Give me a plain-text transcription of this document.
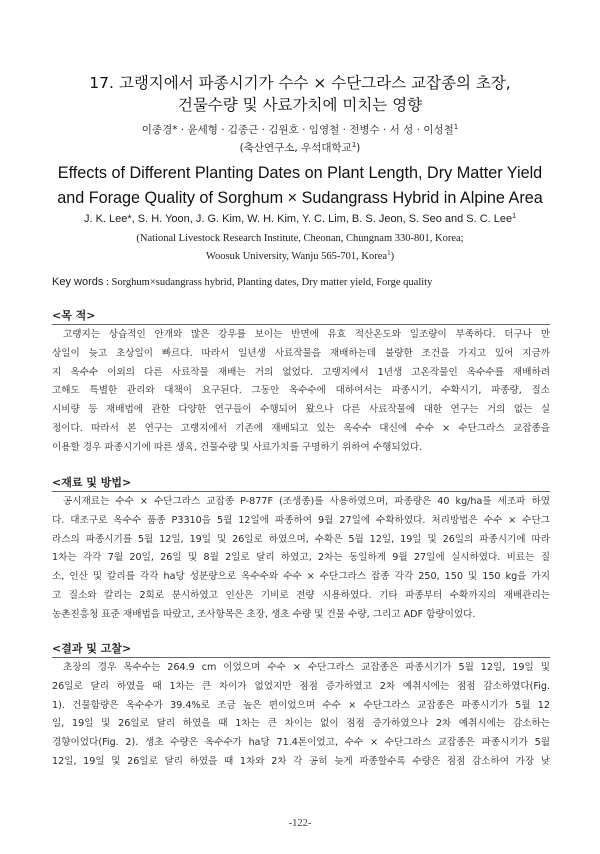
17. 고랭지에서 파종시기가 수수 × 수단그라스 교잡종의 초장,
건물수량 및 사료가치에 미치는 영향
이종경* · 윤세형 · 김종근 · 김원호 · 임영철 · 전병수 · 서 성 · 이성철$^1$
(축산연구소, 우석대학교$^1$)
Effects of Different Planting Dates on Plant Length, Dry Matter Yield
and Forage Quality of Sorghum × Sudangrass Hybrid in Alpine Area
J. K. Lee*, S. H. Yoon, J. G. Kim, W. H. Kim, Y. C. Lim, B. S. Jeon, S. Seo and S. C. Lee$^1$
(National Livestock Research Institute, Cheonan, Chungnam 330-801, Korea;
Woosuk University, Wanju 565-701, Korea$^1$)
Key words : Sorghum×sudangrass hybrid, Planting dates, Dry matter yield, Forge quality
<목 적>
고랭지는 상습적인 안개와 많은 강우를 보이는 반면에 유효 적산온도와 일조량이 부족하다. 더구나 만
상일이 늦고 초상일이 빠르다. 따라서 일년생 사료작물을 재배하는데 불량한 조건을 가지고 있어 지금까
지 옥수수 이외의 다른 사료작물 재배는 거의 없었다. 고랭지에서 1년생 고온작물인 옥수수를 재배하려
고해도 특별한 관리와 대책이 요구된다. 그동안 옥수수에 대하여서는 파종시기, 수확시기, 파종량, 질소
시비량 등 재배법에 관한 다양한 연구들이 수행되어 왔으나 다른 사료작물에 대한 연구는 거의 없는 실
정이다. 따라서 본 연구는 고랭지에서 기존에 재배되고 있는 옥수수 대신에 수수 × 수단그라스 교잡종을
이용할 경우 파종시기에 따른 생육, 건물수량 및 사료가치를 구명하기 위하여 수행되었다.
<재료 및 방법>
공시재료는 수수 × 수단그라스 교잡종 P-877F (조생종)를 사용하였으며, 파종량은 40 kg/ha를 세조파 하였
다. 대조구로 옥수수 품종 P3310을 5월 12일에 파종하여 9월 27일에 수확하였다. 처리방법은 수수 × 수단그
라스의 파종시기를 5월 12일, 19일 및 26일로 하였으며, 수확은 5월 12일, 19일 및 26일의 파종시기에 따라
1차는 각각 7월 20일, 26일 및 8월 2일로 달리 하였고, 2차는 동일하게 9월 27일에 실시하였다. 비료는 질
소, 인산 및 칼리를 각각 ha당 성분량으로 옥수수와 수수 × 수단그라스 잡종 각각 250, 150 및 150 kg을 가지
고 질소와 칼리는 2회로 분시하였고 인산은 기비로 전량 시용하였다. 기타 파종부터 수확까지의 재배관리는
농촌진흥청 표준 재배법을 따랐고, 조사항목은 초장, 생초 수량 및 건물 수량, 그리고 ADF 함량이었다.
<결과 및 고찰>
초장의 경우 옥수수는 264.9 cm 이었으며 수수 × 수단그라스 교잡종은 파종시기가 5월 12일, 19일 및
26일로 달리 하였을 때 1차는 큰 차이가 없었지만 점점 증가하였고 2차 예취시에는 점점 감소하였다(Fig.
1). 건물함량은 옥수수가 39.4%로 조금 높은 편이었으며 수수 × 수단그라스 교잡종은 파종시기가 5월 12
일, 19일 및 26일로 달리 하였을 때 1차는 큰 차이는 없이 점점 증가하였으나 2차 예취시에는 감소하는
경향이었다(Fig. 2). 생초 수량은 옥수수가 ha당 71.4톤이었고, 수수 × 수단그라스 교잡종은 파종시기가 5월
12일, 19일 및 26일로 달리 하였을 때 1차와 2차 각 공히 늦게 파종할수록 수량은 점점 감소하여 가장 낮
-122-
